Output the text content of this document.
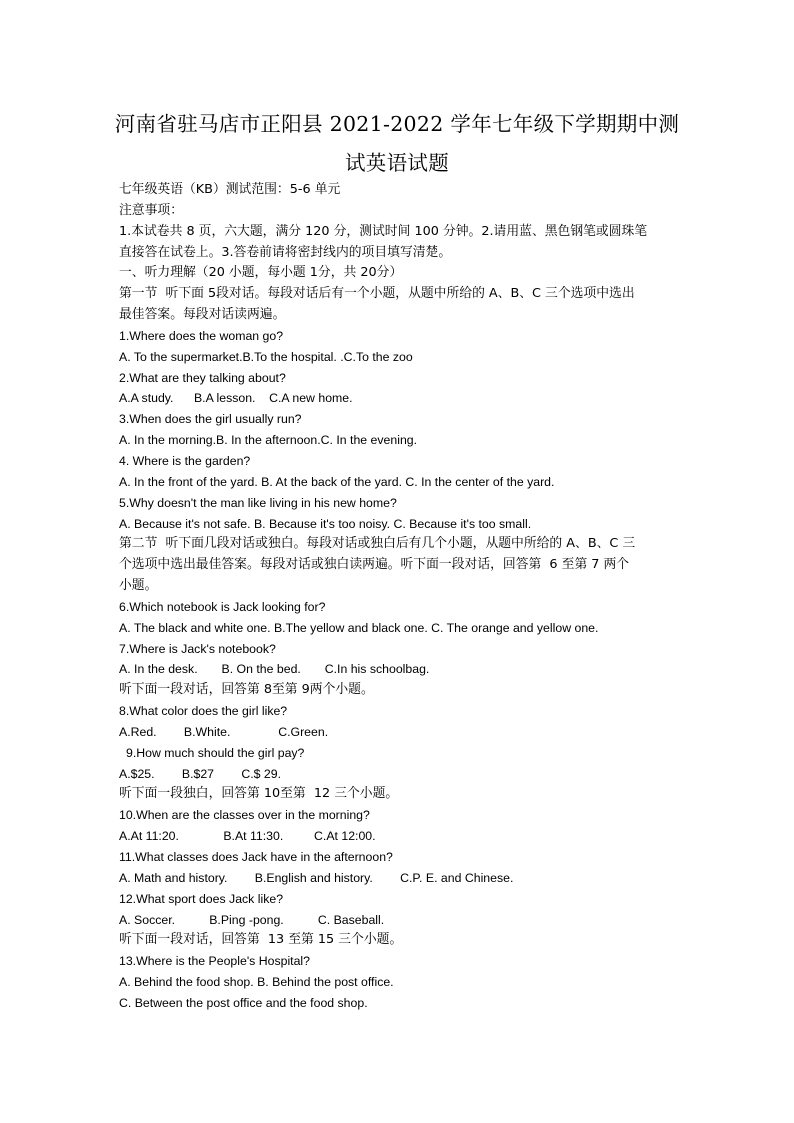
河南省驻马店市正阳县 2021-2022 学年七年级下学期期中测
试英语试题
七年级英语（KB）测试范围：5-6 单元
注意事项：
1.本试卷共 8 页，六大题，满分 120 分，测试时间 100 分钟。2.请用蓝、黑色钢笔或圆珠笔
直接答在试卷上。3.答卷前请将密封线内的项目填写清楚。
一、听力理解（20 小题，每小题 1分，共 20分）
第一节  听下面 5段对话。每段对话后有一个小题，从题中所给的 A、B、C 三个选项中选出
最佳答案。每段对话读两遍。
1.Where does the woman go?
A. To the supermarket.B.To the hospital. .C.To the zoo
2.What are they talking about?
A.A study.      B.A lesson.    C.A new home.
3.When does the girl usually run?
A. In the morning.B. In the afternoon.C. In the evening.
4. Where is the garden?
A. In the front of the yard. B. At the back of the yard. C. In the center of the yard.
5.Why doesn't the man like living in his new home?
A. Because it's not safe. B. Because it's too noisy. C. Because it's too small.
第二节  听下面几段对话或独白。每段对话或独白后有几个小题，从题中所给的 A、B、C 三
个选项中选出最佳答案。每段对话或独白读两遍。听下面一段对话，回答第  6 至第 7 两个
小题。
6.Which notebook is Jack looking for?
A. The black and white one. B.The yellow and black one. C. The orange and yellow one.
7.Where is Jack's notebook?
A. In the desk.       B. On the bed.       C.In his schoolbag.
听下面一段对话，回答第 8至第 9两个小题。
8.What color does the girl like?
A.Red.        B.White.              C.Green.
9.How much should the girl pay?
A.$25.        B.$27        C.$ 29.
听下面一段独白，回答第 10至第  12 三个小题。
10.When are the classes over in the morning?
A.At 11:20.             B.At 11:30.         C.At 12:00.
11.What classes does Jack have in the afternoon?
A. Math and history.        B.English and history.        C.P. E. and Chinese.
12.What sport does Jack like?
A. Soccer.          B.Ping -pong.          C. Baseball.
听下面一段对话，回答第  13 至第 15 三个小题。
13.Where is the People's Hospital?
A. Behind the food shop. B. Behind the post office.
C. Between the post office and the food shop.
